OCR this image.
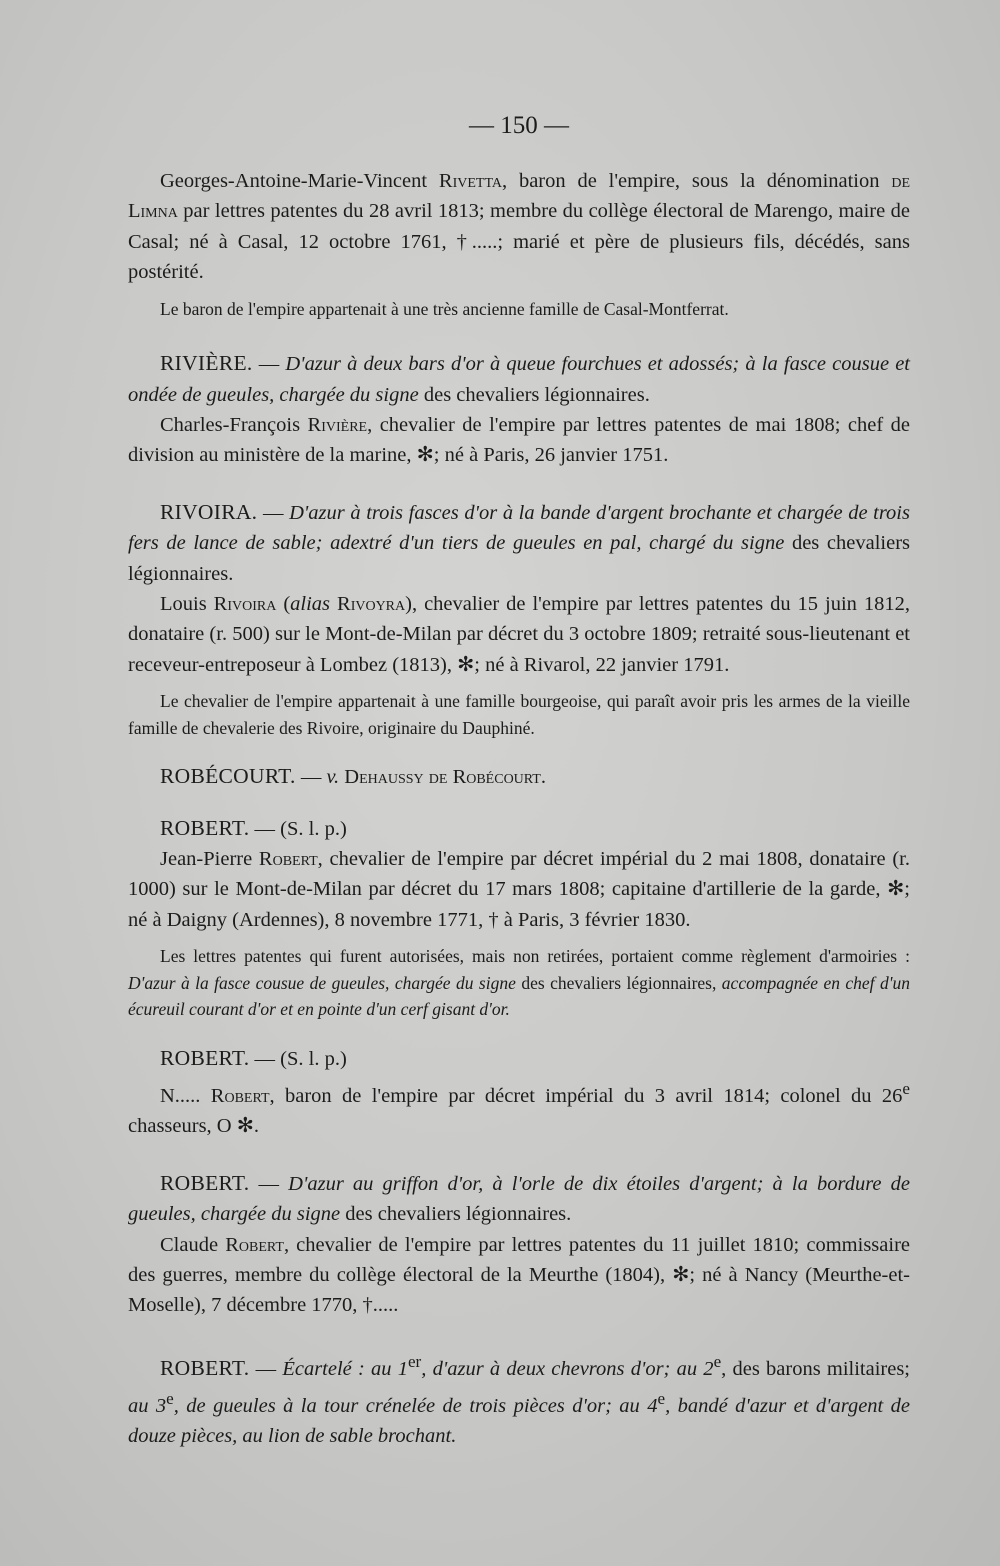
— 150 —

Georges-Antoine-Marie-Vincent Rivetta, baron de l'empire, sous la dénomination de Limna par lettres patentes du 28 avril 1813; membre du collège électoral de Marengo, maire de Casal; né à Casal, 12 octobre 1761, †.....; marié et père de plusieurs fils, décédés, sans postérité.

Le baron de l'empire appartenait à une très ancienne famille de Casal-Montferrat.

RIVIÈRE. — D'azur à deux bars d'or à queue fourchues et adossés; à la fasce cousue et ondée de gueules, chargée du signe des chevaliers légionnaires.

Charles-François Rivière, chevalier de l'empire par lettres patentes de mai 1808; chef de division au ministère de la marine, ✻; né à Paris, 26 janvier 1751.

RIVOIRA. — D'azur à trois fasces d'or à la bande d'argent brochante et chargée de trois fers de lance de sable; adextré d'un tiers de gueules en pal, chargé du signe des chevaliers légionnaires.

Louis Rivoira (alias Rivoyra), chevalier de l'empire par lettres patentes du 15 juin 1812, donataire (r. 500) sur le Mont-de-Milan par décret du 3 octobre 1809; retraité sous-lieutenant et receveur-entreposeur à Lombez (1813), ✻; né à Rivarol, 22 janvier 1791.

Le chevalier de l'empire appartenait à une famille bourgeoise, qui paraît avoir pris les armes de la vieille famille de chevalerie des Rivoire, originaire du Dauphiné.

ROBÉCOURT. — v. Dehaussy de Robécourt.

ROBERT. — (S. l. p.)

Jean-Pierre Robert, chevalier de l'empire par décret impérial du 2 mai 1808, donataire (r. 1000) sur le Mont-de-Milan par décret du 17 mars 1808; capitaine d'artillerie de la garde, ✻; né à Daigny (Ardennes), 8 novembre 1771, † à Paris, 3 février 1830.

Les lettres patentes qui furent autorisées, mais non retirées, portaient comme règlement d'armoiries : D'azur à la fasce cousue de gueules, chargée du signe des chevaliers légionnaires, accompagnée en chef d'un écureuil courant d'or et en pointe d'un cerf gisant d'or.

ROBERT. — (S. l. p.)

N..... Robert, baron de l'empire par décret impérial du 3 avril 1814; colonel du 26e chasseurs, O ✻.

ROBERT. — D'azur au griffon d'or, à l'orle de dix étoiles d'argent; à la bordure de gueules, chargée du signe des chevaliers légionnaires.

Claude Robert, chevalier de l'empire par lettres patentes du 11 juillet 1810; commissaire des guerres, membre du collège électoral de la Meurthe (1804), ✻; né à Nancy (Meurthe-et-Moselle), 7 décembre 1770, †.....

ROBERT. — Écartelé : au 1er, d'azur à deux chevrons d'or; au 2e, des barons militaires; au 3e, de gueules à la tour crénelée de trois pièces d'or; au 4e, bandé d'azur et d'argent de douze pièces, au lion de sable brochant.
